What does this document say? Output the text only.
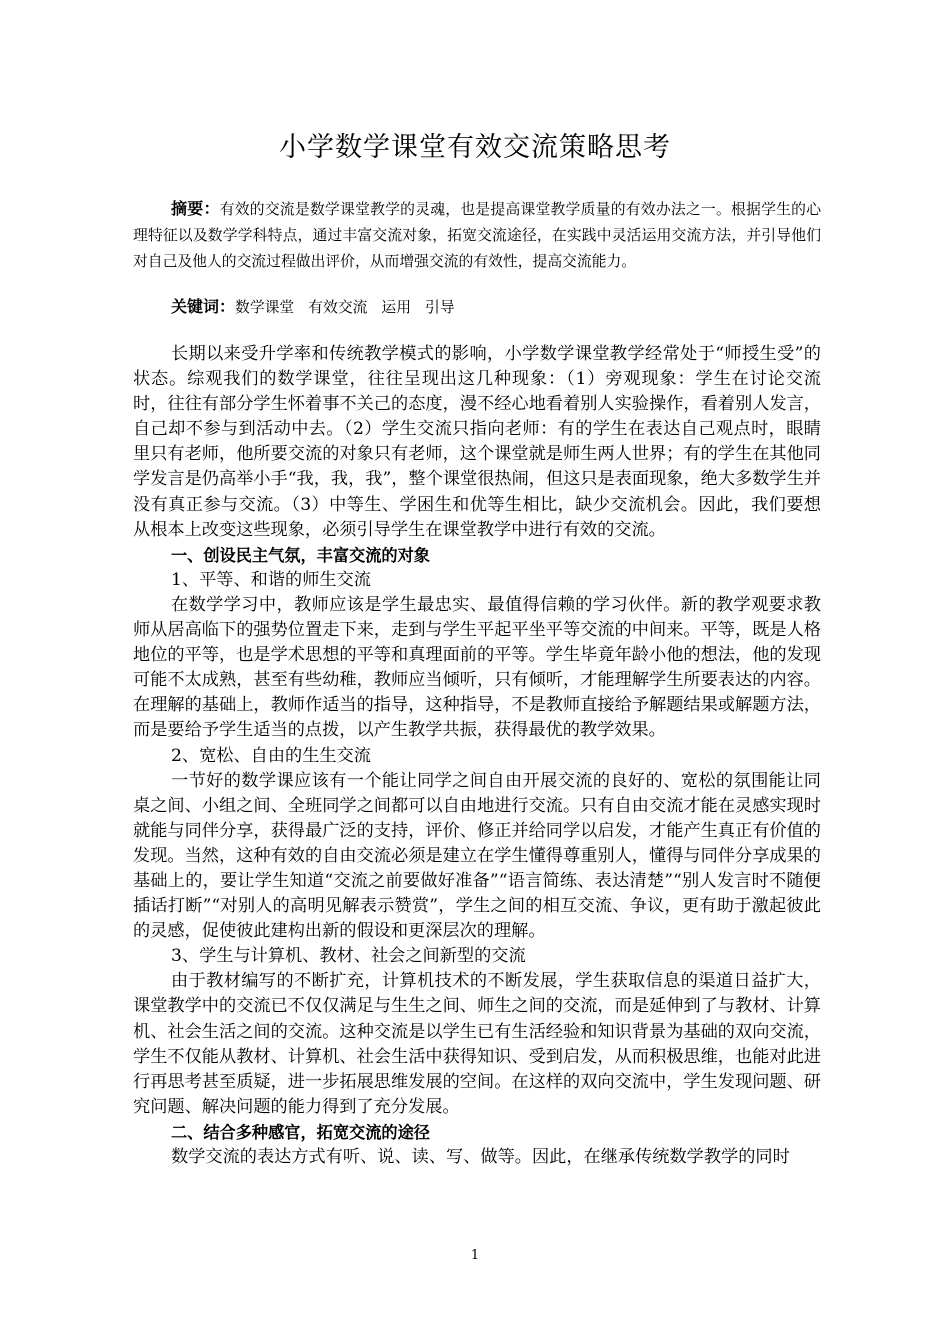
小学数学课堂有效交流策略思考
摘要：有效的交流是数学课堂教学的灵魂，也是提高课堂教学质量的有效办法之一。根据学生的心理特征以及数学学科特点，通过丰富交流对象，拓宽交流途径，在实践中灵活运用交流方法，并引导他们对自己及他人的交流过程做出评价，从而增强交流的有效性，提高交流能力。
关键词：数学课堂 有效交流 运用 引导

长期以来受升学率和传统教学模式的影响，小学数学课堂教学经常处于“师授生受”的状态。综观我们的数学课堂，往往呈现出这几种现象：（1）旁观现象：学生在讨论交流时，往往有部分学生怀着事不关己的态度，漫不经心地看着别人实验操作，看着别人发言，自己却不参与到活动中去。（2）学生交流只指向老师：有的学生在表达自己观点时，眼睛里只有老师，他所要交流的对象只有老师，这个课堂就是师生两人世界；有的学生在其他同学发言是仍高举小手“我，我，我”，整个课堂很热闹，但这只是表面现象，绝大多数学生并没有真正参与交流。（3）中等生、学困生和优等生相比，缺少交流机会。因此，我们要想从根本上改变这些现象，必须引导学生在课堂教学中进行有效的交流。

一、创设民主气氛，丰富交流的对象

1、平等、和谐的师生交流

在数学学习中，教师应该是学生最忠实、最值得信赖的学习伙伴。新的教学观要求教师从居高临下的强势位置走下来，走到与学生平起平坐平等交流的中间来。平等，既是人格地位的平等，也是学术思想的平等和真理面前的平等。学生毕竟年龄小他的想法，他的发现可能不太成熟，甚至有些幼稚，教师应当倾听，只有倾听，才能理解学生所要表达的内容。在理解的基础上，教师作适当的指导，这种指导，不是教师直接给予解题结果或解题方法，而是要给予学生适当的点拨，以产生教学共振，获得最优的教学效果。

2、宽松、自由的生生交流

一节好的数学课应该有一个能让同学之间自由开展交流的良好的、宽松的氛围能让同桌之间、小组之间、全班同学之间都可以自由地进行交流。只有自由交流才能在灵感实现时就能与同伴分享，获得最广泛的支持，评价、修正并给同学以启发，才能产生真正有价值的发现。当然，这种有效的自由交流必须是建立在学生懂得尊重别人，懂得与同伴分享成果的基础上的，要让学生知道“交流之前要做好准备”“语言简练、表达清楚”“别人发言时不随便插话打断”“对别人的高明见解表示赞赏”，学生之间的相互交流、争议，更有助于激起彼此的灵感，促使彼此建构出新的假设和更深层次的理解。

3、学生与计算机、教材、社会之间新型的交流

由于教材编写的不断扩充，计算机技术的不断发展，学生获取信息的渠道日益扩大，课堂教学中的交流已不仅仅满足与生生之间、师生之间的交流，而是延伸到了与教材、计算机、社会生活之间的交流。这种交流是以学生已有生活经验和知识背景为基础的双向交流，学生不仅能从教材、计算机、社会生活中获得知识、受到启发，从而积极思维，也能对此进行再思考甚至质疑，进一步拓展思维发展的空间。在这样的双向交流中，学生发现问题、研究问题、解决问题的能力得到了充分发展。

二、结合多种感官，拓宽交流的途径

数学交流的表达方式有听、说、读、写、做等。因此，在继承传统数学教学的同时

1
